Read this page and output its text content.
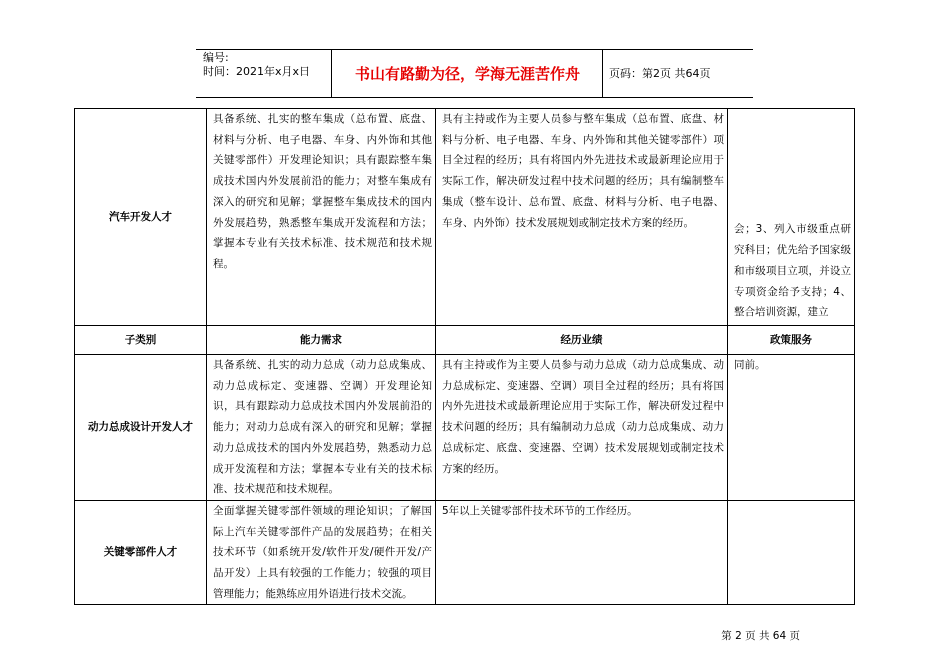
编号:
时间：2021年x月x日	书山有路勤为径，学海无涯苦作舟	页码：第2页 共64页
汽车开发人才	具备系统、扎实的整车集成（总布置、底盘、材料与分析、电子电器、车身、内外饰和其他关键零部件）开发理论知识；具有跟踪整车集成技术国内外发展前沿的能力；对整车集成有深入的研究和见解；掌握整车集成技术的国内外发展趋势，熟悉整车集成开发流程和方法；掌握本专业有关技术标准、技术规范和技术规程。	具有主持或作为主要人员参与整车集成（总布置、底盘、材料与分析、电子电器、车身、内外饰和其他关键零部件）项目全过程的经历；具有将国内外先进技术或最新理论应用于实际工作，解决研发过程中技术问题的经历；具有编制整车集成（整车设计、总布置、底盘、材料与分析、电子电器、车身、内外饰）技术发展规划或制定技术方案的经历。	会；3、列入市级重点研究科目；优先给予国家级和市级项目立项，并设立专项资金给予支持；4、整合培训资源，建立

子类别	能力需求	经历业绩	政策服务
动力总成设计开发人才	具备系统、扎实的动力总成（动力总成集成、动力总成标定、变速器、空调）开发理论知识，具有跟踪动力总成技术国内外发展前沿的能力；对动力总成有深入的研究和见解；掌握动力总成技术的国内外发展趋势，熟悉动力总成开发流程和方法；掌握本专业有关的技术标准、技术规范和技术规程。	具有主持或作为主要人员参与动力总成（动力总成集成、动力总成标定、变速器、空调）项目全过程的经历；具有将国内外先进技术或最新理论应用于实际工作，解决研发过程中技术问题的经历；具有编制动力总成（动力总成集成、动力总成标定、底盘、变速器、空调）技术发展规划或制定技术方案的经历。	同前。
关键零部件人才	全面掌握关键零部件领域的理论知识；了解国际上汽车关键零部件产品的发展趋势；在相关技术环节（如系统开发/软件开发/硬件开发/产品开发）上具有较强的工作能力；较强的项目管理能力；能熟练应用外语进行技术交流。	5年以上关键零部件技术环节的工作经历。	
第 2 页 共 64 页
